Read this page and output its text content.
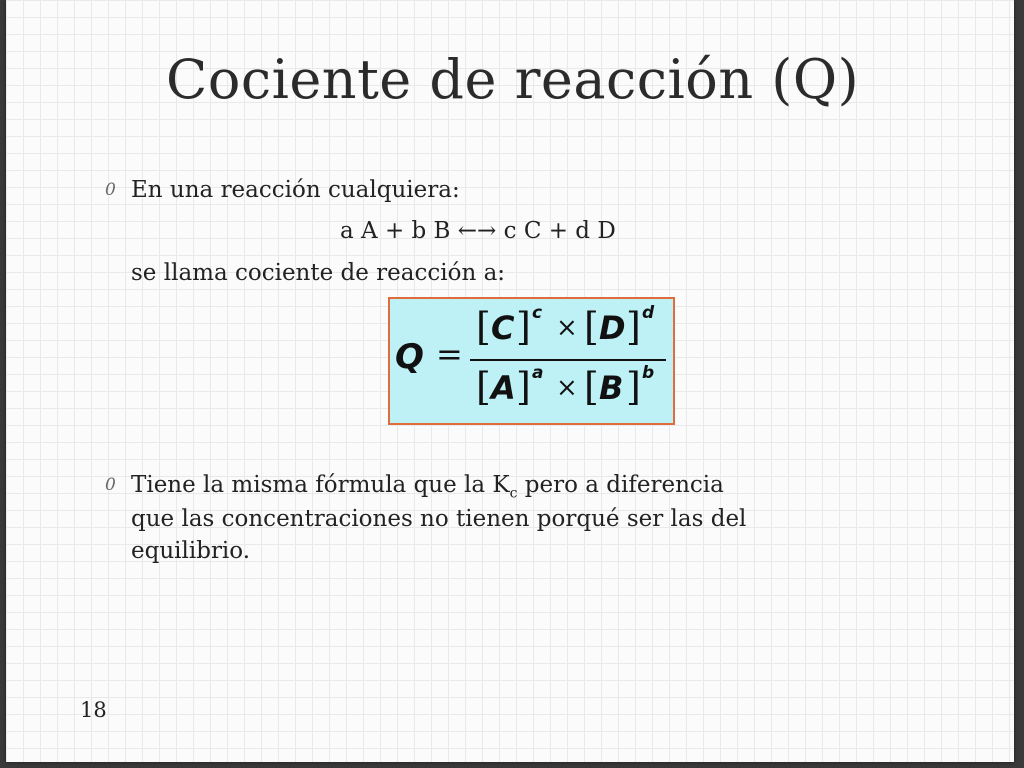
Cociente de reacción (Q)
0 En una reacción cualquiera:
a A + b B ←→ c C + d D
se llama cociente de reacción a:
Q =
[ C ] c × [ D ] d
[ A ] a × [ B ] b
0 Tiene la misma fórmula que la $K_c$ pero a diferencia
que las concentraciones no tienen porqué ser las del
equilibrio.
18
